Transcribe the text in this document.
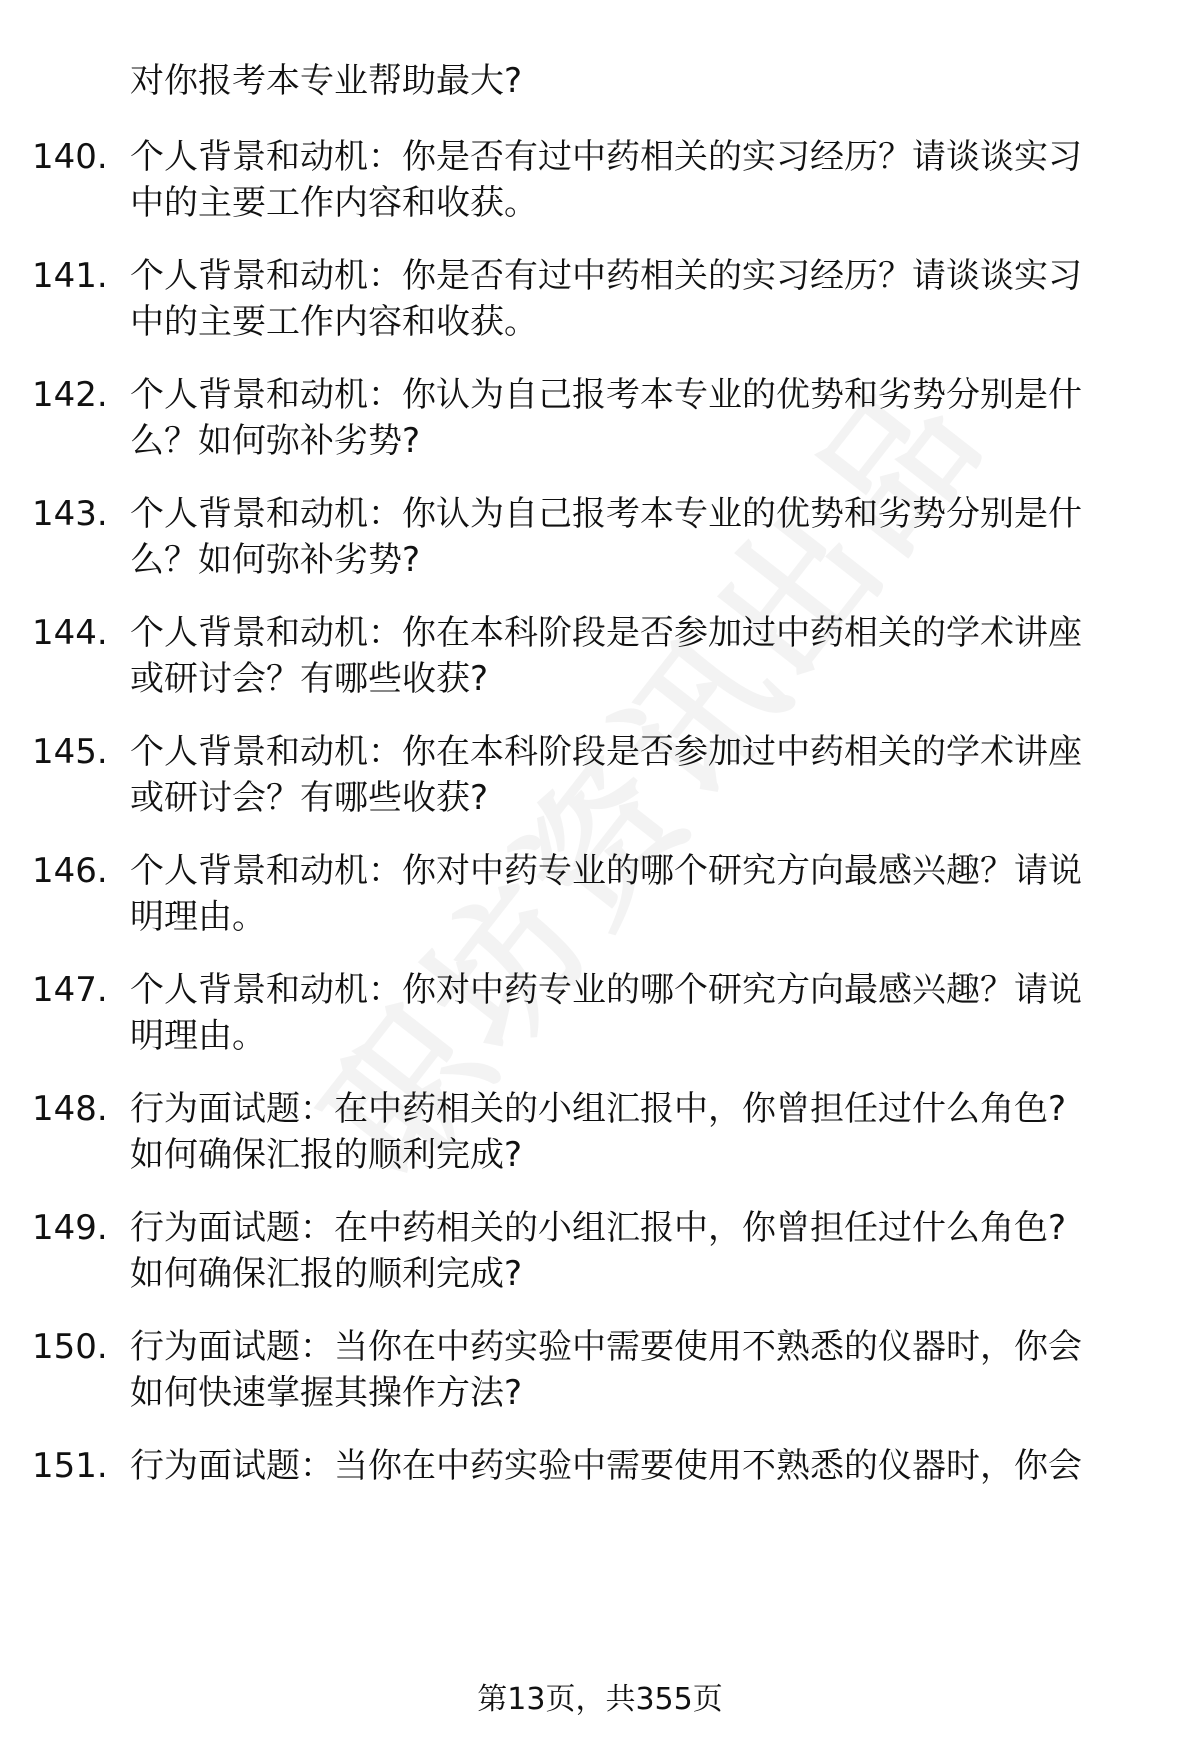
对你报考本专业帮助最大?
140. 个人背景和动机：你是否有过中药相关的实习经历？请谈谈实习
中的主要工作内容和收获。
141. 个人背景和动机：你是否有过中药相关的实习经历？请谈谈实习
中的主要工作内容和收获。
142. 个人背景和动机：你认为自己报考本专业的优势和劣势分别是什
么？如何弥补劣势?
143. 个人背景和动机：你认为自己报考本专业的优势和劣势分别是什
么？如何弥补劣势?
144. 个人背景和动机：你在本科阶段是否参加过中药相关的学术讲座
或研讨会？有哪些收获?
145. 个人背景和动机：你在本科阶段是否参加过中药相关的学术讲座
或研讨会？有哪些收获?
146. 个人背景和动机：你对中药专业的哪个研究方向最感兴趣？请说
明理由。
147. 个人背景和动机：你对中药专业的哪个研究方向最感兴趣？请说
明理由。
148. 行为面试题：在中药相关的小组汇报中，你曾担任过什么角色?
如何确保汇报的顺利完成?
149. 行为面试题：在中药相关的小组汇报中，你曾担任过什么角色?
如何确保汇报的顺利完成?
150. 行为面试题：当你在中药实验中需要使用不熟悉的仪器时，你会
如何快速掌握其操作方法?
151. 行为面试题：当你在中药实验中需要使用不熟悉的仪器时，你会
第13页，共355页
